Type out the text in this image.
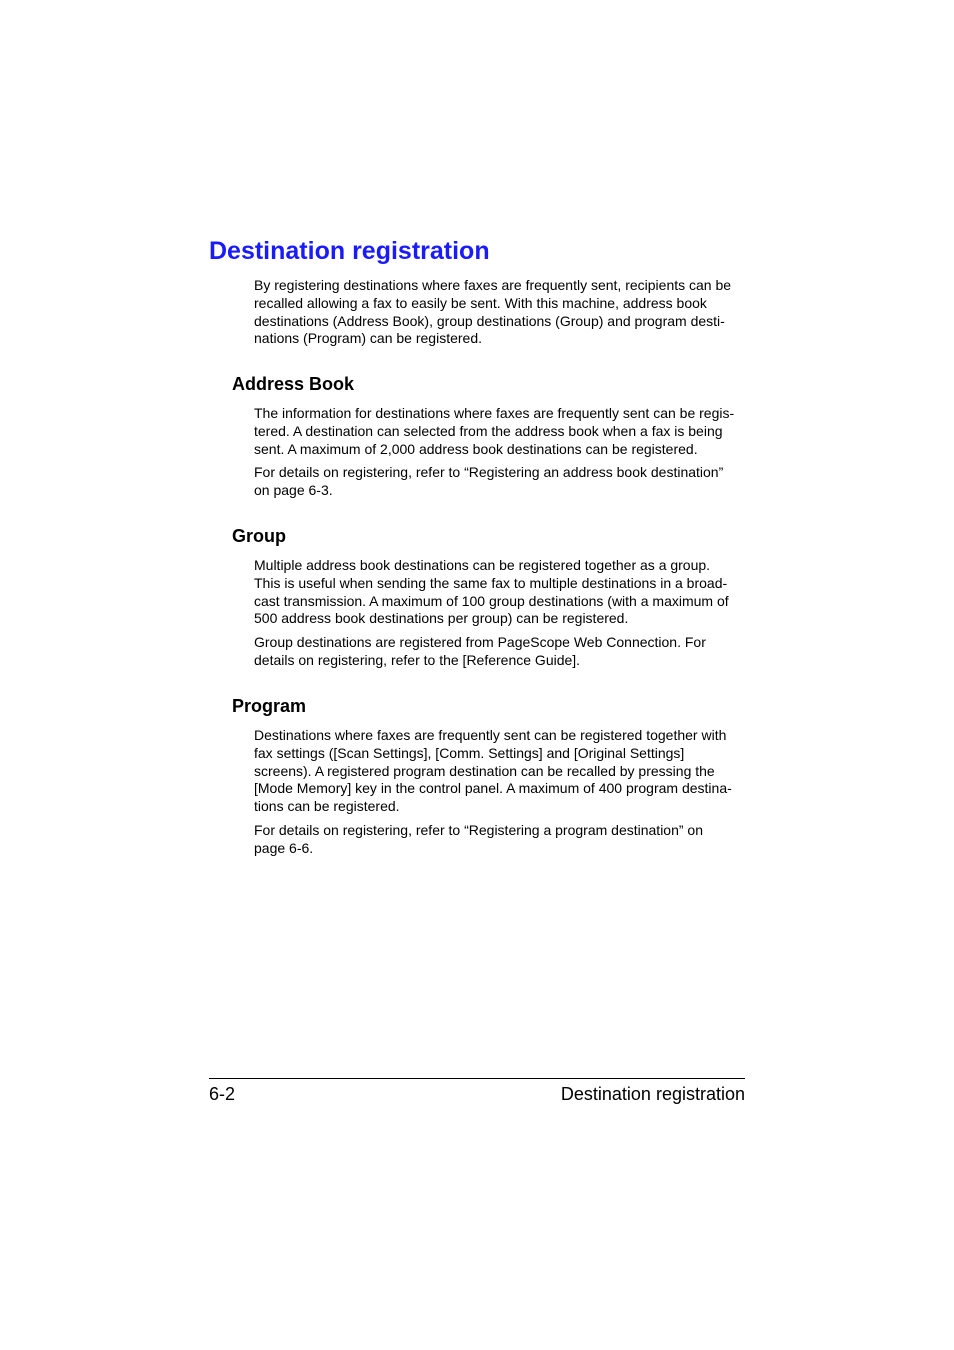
Destination registration

By registering destinations where faxes are frequently sent, recipients can be
recalled allowing a fax to easily be sent. With this machine, address book
destinations (Address Book), group destinations (Group) and program desti-
nations (Program) can be registered.

Address Book

The information for destinations where faxes are frequently sent can be regis-
tered. A destination can selected from the address book when a fax is being
sent. A maximum of 2,000 address book destinations can be registered.

For details on registering, refer to “Registering an address book destination”
on page 6-3.

Group

Multiple address book destinations can be registered together as a group.
This is useful when sending the same fax to multiple destinations in a broad-
cast transmission. A maximum of 100 group destinations (with a maximum of
500 address book destinations per group) can be registered.

Group destinations are registered from PageScope Web Connection. For
details on registering, refer to the [Reference Guide].

Program

Destinations where faxes are frequently sent can be registered together with
fax settings ([Scan Settings], [Comm. Settings] and [Original Settings]
screens). A registered program destination can be recalled by pressing the
[Mode Memory] key in the control panel. A maximum of 400 program destina-
tions can be registered.

For details on registering, refer to “Registering a program destination” on
page 6-6.

6-2	Destination registration
